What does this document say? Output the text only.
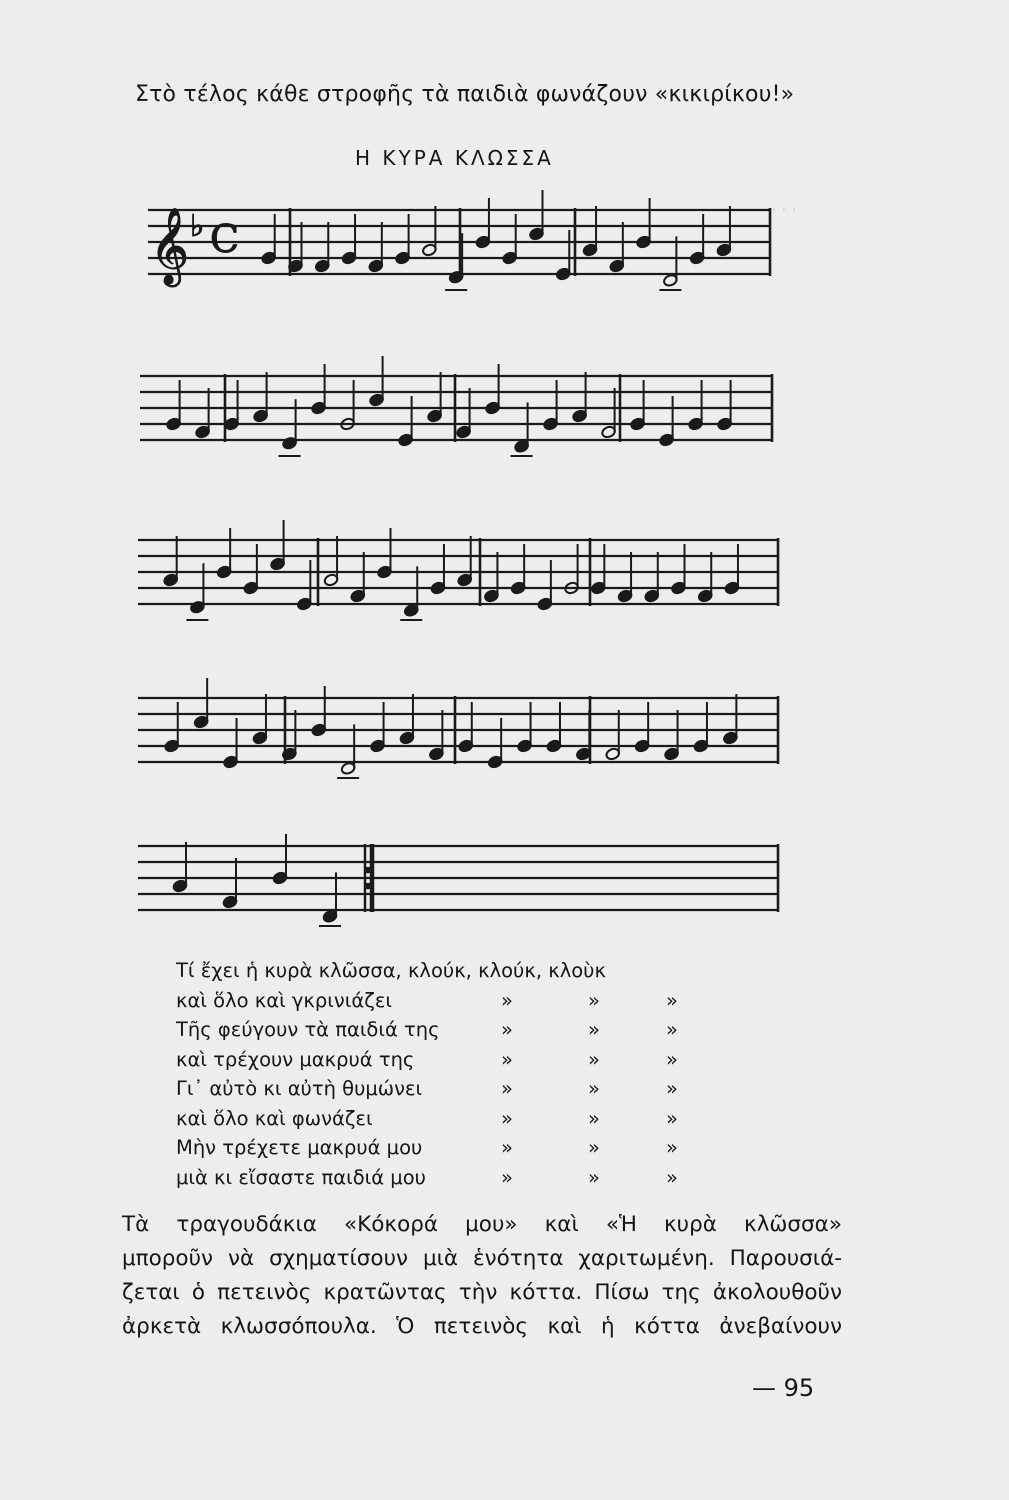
· · · · · · · · · ·
Στὸ τέλος κάθε στροφῆς τὰ παιδιὰ φωνάζουν «κικιρίκου!»
Η ΚΥΡΑ ΚΛΩΣΣΑ
𝄞 ♭ C
Τί ἔχει ἡ κυρὰ κλῶσσα, κλούκ, κλούκ, κλοὺκ
καὶ ὅλο καὶ γκρινιάζει	»	»	»
Τῆς φεύγουν τὰ παιδιά της	»	»	»
καὶ τρέχουν μακρυά της	»	»	»
Γι᾿ αὐτὸ κι αὐτὴ θυμώνει	»	»	»
καὶ ὅλο καὶ φωνάζει	»	»	»
Μὴν τρέχετε μακρυά μου	»	»	»
μιὰ κι εἴσαστε παιδιά μου	»	»	»
Τὰ τραγουδάκια «Κόκορά μου» καὶ «Ἡ κυρὰ κλῶσσα»
μποροῦν νὰ σχηματίσουν μιὰ ἑνότητα χαριτωμένη. Παρουσιά-
ζεται ὁ πετεινὸς κρατῶντας τὴν κόττα. Πίσω της ἀκολουθοῦν
ἀρκετὰ κλωσσόπουλα. Ὁ πετεινὸς καὶ ἡ κόττα ἀνεβαίνουν
— 95
